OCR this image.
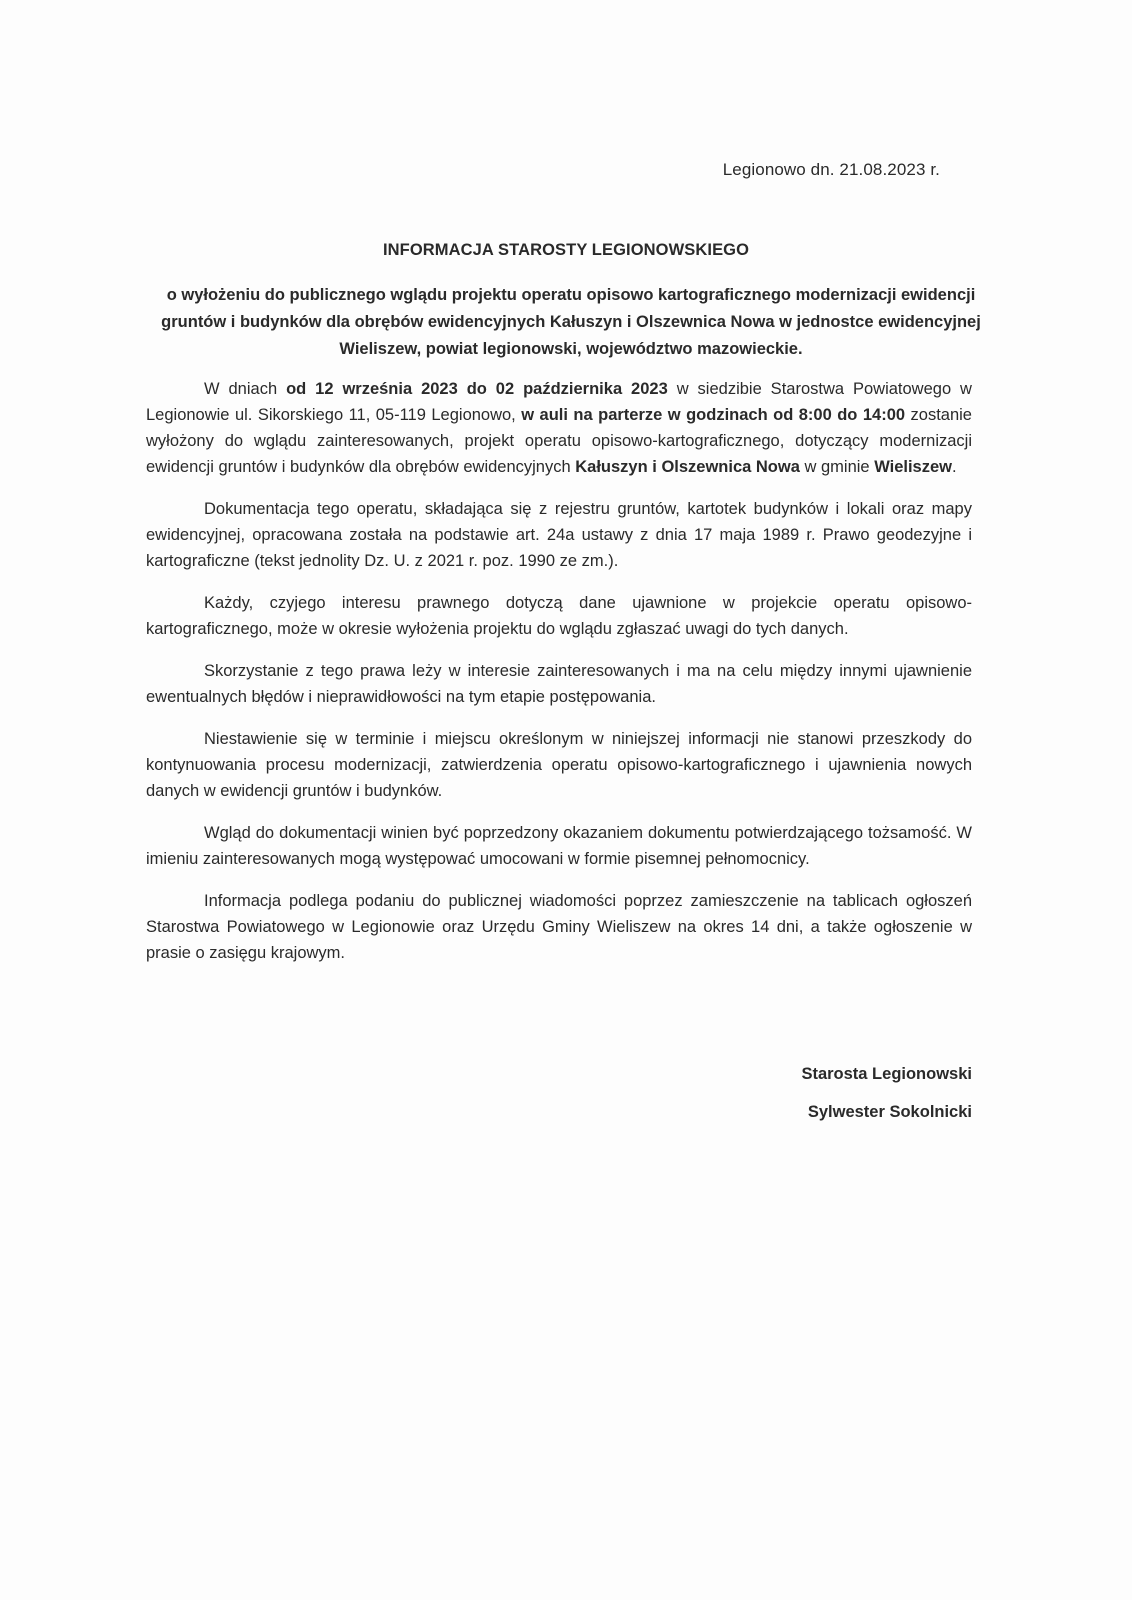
Legionowo dn. 21.08.2023 r.
INFORMACJA STAROSTY LEGIONOWSKIEGO
o wyłożeniu do publicznego wglądu projektu operatu opisowo kartograficznego modernizacji ewidencji gruntów i budynków dla obrębów ewidencyjnych Kałuszyn i Olszewnica Nowa w jednostce ewidencyjnej Wieliszew, powiat legionowski, województwo mazowieckie.

W dniach od 12 września 2023 do 02 października 2023 w siedzibie Starostwa Powiatowego w Legionowie ul. Sikorskiego 11, 05-119 Legionowo, w auli na parterze w godzinach od 8:00 do 14:00 zostanie wyłożony do wglądu zainteresowanych, projekt operatu opisowo-kartograficznego, dotyczący modernizacji ewidencji gruntów i budynków dla obrębów ewidencyjnych Kałuszyn i Olszewnica Nowa w gminie Wieliszew.

Dokumentacja tego operatu, składająca się z rejestru gruntów, kartotek budynków i lokali oraz mapy ewidencyjnej, opracowana została na podstawie art. 24a ustawy z dnia 17 maja 1989 r. Prawo geodezyjne i kartograficzne (tekst jednolity Dz. U. z 2021 r. poz. 1990 ze zm.).

Każdy, czyjego interesu prawnego dotyczą dane ujawnione w projekcie operatu opisowo-kartograficznego, może w okresie wyłożenia projektu do wglądu zgłaszać uwagi do tych danych.

Skorzystanie z tego prawa leży w interesie zainteresowanych i ma na celu między innymi ujawnienie ewentualnych błędów i nieprawidłowości na tym etapie postępowania.

Niestawienie się w terminie i miejscu określonym w niniejszej informacji nie stanowi przeszkody do kontynuowania procesu modernizacji, zatwierdzenia operatu opisowo-kartograficznego i ujawnienia nowych danych w ewidencji gruntów i budynków.

Wgląd do dokumentacji winien być poprzedzony okazaniem dokumentu potwierdzającego tożsamość. W imieniu zainteresowanych mogą występować umocowani w formie pisemnej pełnomocnicy.

Informacja podlega podaniu do publicznej wiadomości poprzez zamieszczenie na tablicach ogłoszeń Starostwa Powiatowego w Legionowie oraz Urzędu Gminy Wieliszew na okres 14 dni, a także ogłoszenie w prasie o zasięgu krajowym.

Starosta Legionowski
Sylwester Sokolnicki
